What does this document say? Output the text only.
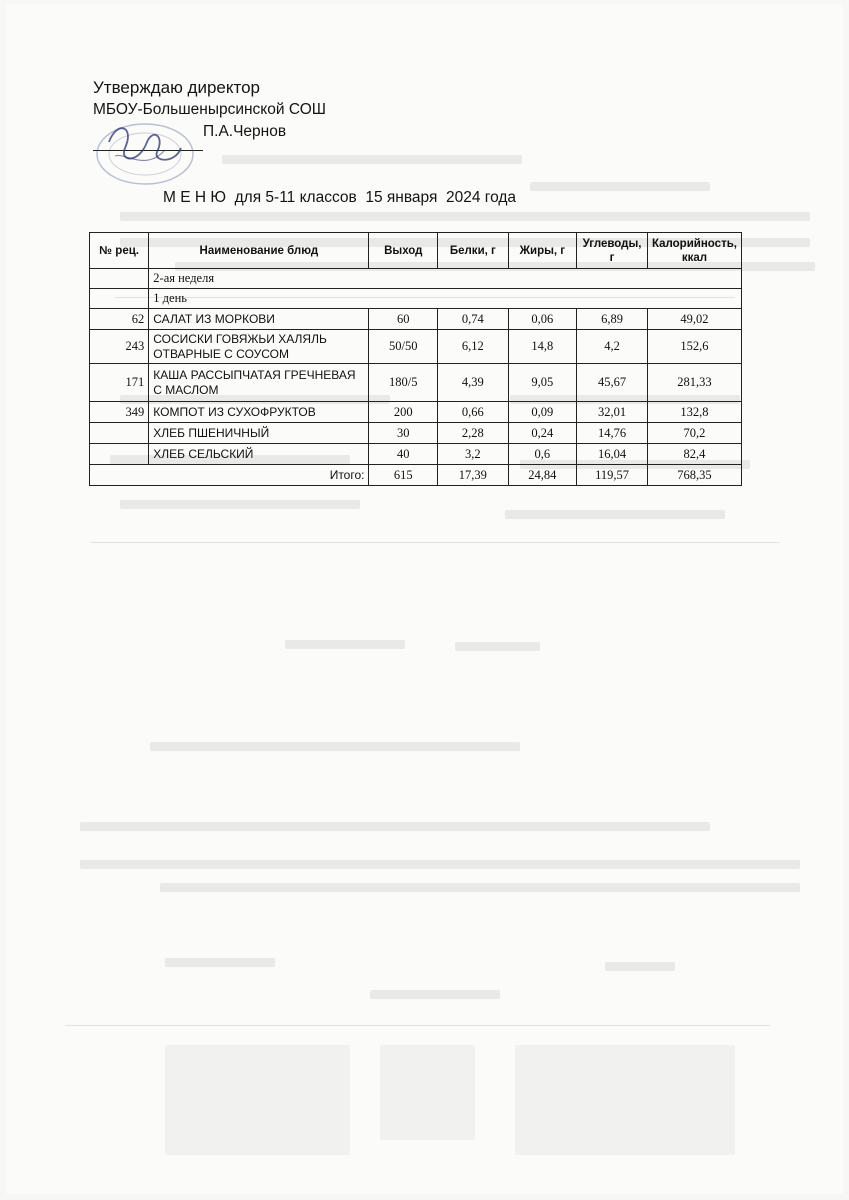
Утверждаю директор
МБОУ-Большенырсинской СОШ
П.А.Чернов
М Е Н Ю  для 5-11 классов  15 января  2024 года
№ рец.	Наименование блюд	Выход	Белки, г	Жиры, г	Углеводы, г	Калорийность, ккал
	2-ая неделя					
	1 день					
62	САЛАТ ИЗ МОРКОВИ	60	0,74	0,06	6,89	49,02
243	СОСИСКИ ГОВЯЖЬИ ХАЛЯЛЬ ОТВАРНЫЕ С СОУСОМ	50/50	6,12	14,8	4,2	152,6
171	КАША РАССЫПЧАТАЯ ГРЕЧНЕВАЯ С МАСЛОМ	180/5	4,39	9,05	45,67	281,33
349	КОМПОТ ИЗ СУХОФРУКТОВ	200	0,66	0,09	32,01	132,8
	ХЛЕБ ПШЕНИЧНЫЙ	30	2,28	0,24	14,76	70,2
	ХЛЕБ СЕЛЬСКИЙ	40	3,2	0,6	16,04	82,4
Итого:		615	17,39	24,84	119,57	768,35
